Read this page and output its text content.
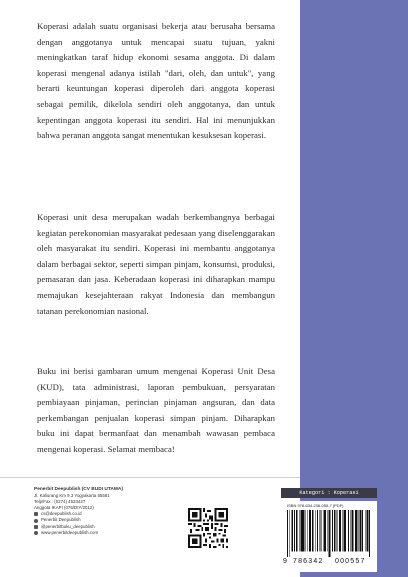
Koperasi adalah suatu organisasi bekerja atau berusaha bersama dengan anggotanya untuk mencapai suatu tujuan, yakni meningkatkan taraf hidup ekonomi sesama anggota. Di dalam koperasi mengenal adanya istilah "dari, oleh, dan untuk", yang berarti keuntungan koperasi diperoleh dari anggota koperasi sebagai pemilik, dikelola sendiri oleh anggotanya, dan untuk kepentingan anggota koperasi itu sendiri. Hal ini menunjukkan bahwa peranan anggota sangat menentukan kesuksesan koperasi.

Koperasi unit desa merupakan wadah berkembangnya berbagai kegiatan perekonomian masyarakat pedesaan yang diselenggarakan oleh masyarakat itu sendiri. Koperasi ini membantu anggotanya dalam berbagai sektor, seperti simpan pinjam, konsumsi, produksi, pemasaran dan jasa. Keberadaan koperasi ini diharapkan mampu memajukan kesejahteraan rakyat Indonesia dan membangun tatanan perekonomian nasional.

Buku ini berisi gambaran umum mengenai Koperasi Unit Desa (KUD), tata administrasi, laporan pembukuan, persyaratan pembiayaan pinjaman, perincian pinjaman angsuran, dan data perkembangan penjualan koperasi simpan pinjam. Diharapkan buku ini dapat bermanfaat dan menambah wawasan pembaca mengenai koperasi. Selamat membaca!

Penerbit Deepublish (CV BUDI UTAMA)
Jl. Kaliurang Km 9.3 Yogyakarta 55581
Telp/Fax : (0274) 4533427
Anggota IKAPI (076/DIY/2012)
cs@deepublish.co.id
Penerbit Deepublish
@penerbitbuku_deepublish
www.penerbitdeepublish.com
Kategori : Koperasi
ISBN 978-634-236-055-7 (PDF)
9 786342 000557
